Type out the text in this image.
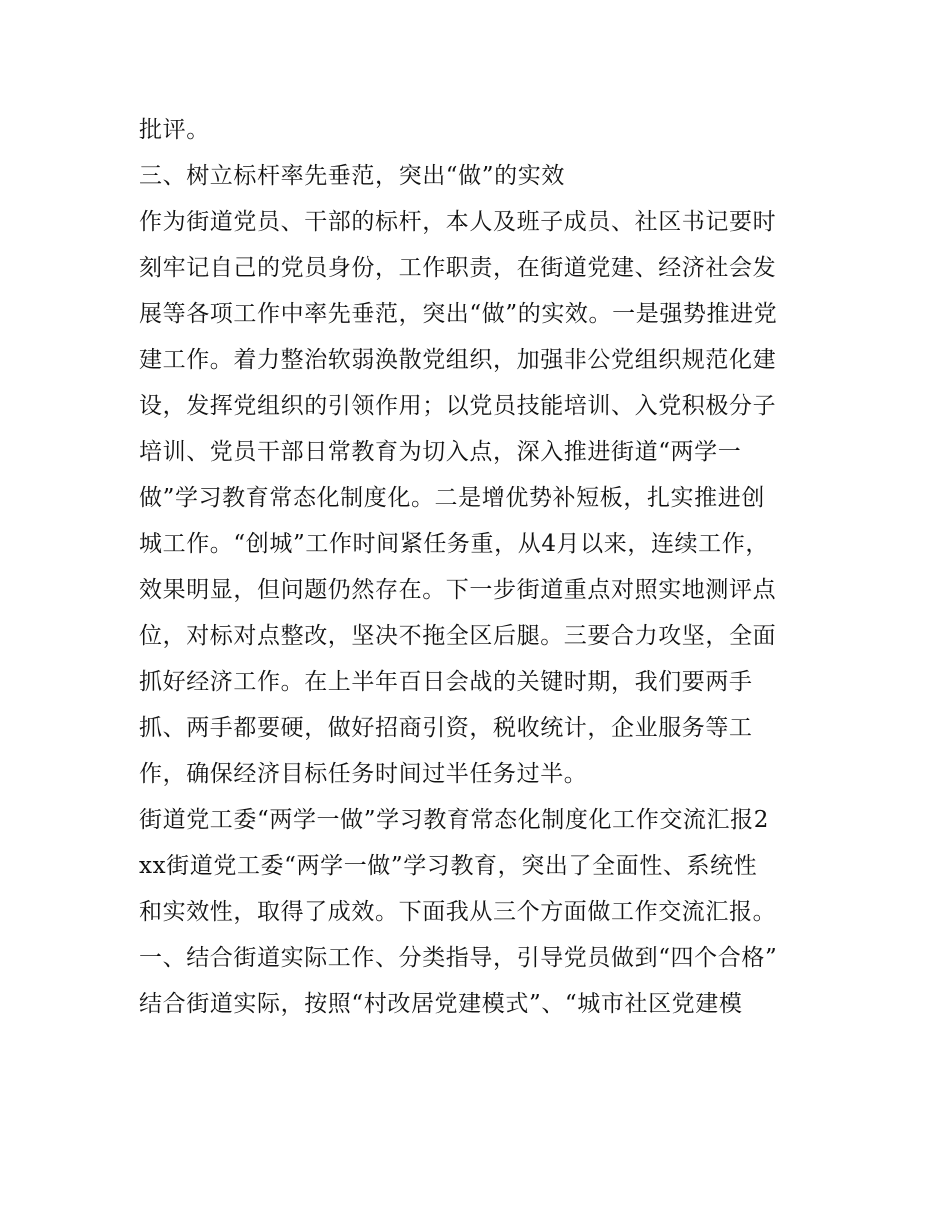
批评。
三、树立标杆率先垂范，突出“做”的实效
作为街道党员、干部的标杆，本人及班子成员、社区书记要时
刻牢记自己的党员身份，工作职责，在街道党建、经济社会发
展等各项工作中率先垂范，突出“做”的实效。一是强势推进党
建工作。着力整治软弱涣散党组织，加强非公党组织规范化建
设，发挥党组织的引领作用；以党员技能培训、入党积极分子
培训、党员干部日常教育为切入点，深入推进街道“两学一
做”学习教育常态化制度化。二是增优势补短板，扎实推进创
城工作。“创城”工作时间紧任务重，从4月以来，连续工作，
效果明显，但问题仍然存在。下一步街道重点对照实地测评点
位，对标对点整改，坚决不拖全区后腿。三要合力攻坚，全面
抓好经济工作。在上半年百日会战的关键时期，我们要两手
抓、两手都要硬，做好招商引资，税收统计，企业服务等工
作，确保经济目标任务时间过半任务过半。
街道党工委“两学一做”学习教育常态化制度化工作交流汇报2
xx街道党工委“两学一做”学习教育，突出了全面性、系统性
和实效性，取得了成效。下面我从三个方面做工作交流汇报。
一、结合街道实际工作、分类指导，引导党员做到“四个合格”
结合街道实际，按照“村改居党建模式”、“城市社区党建模
